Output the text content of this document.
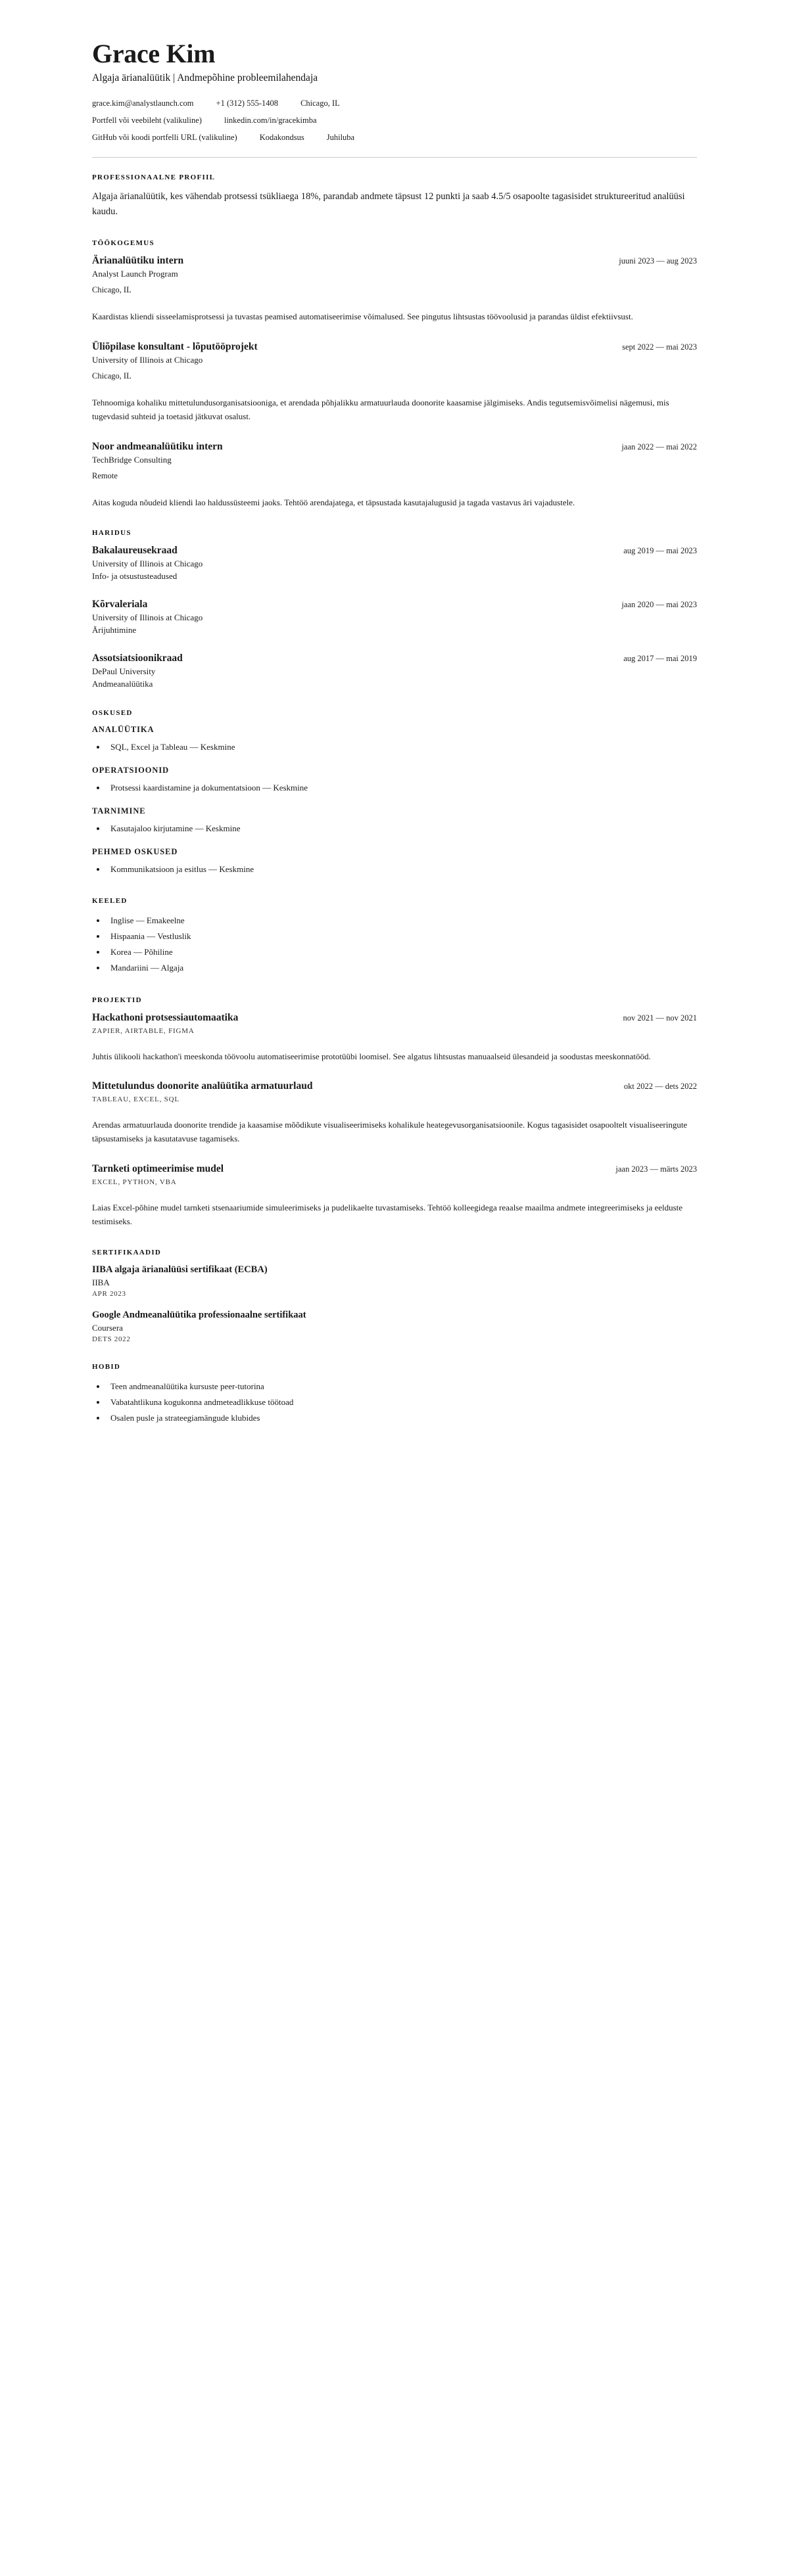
Grace Kim

Algaja ärianalüütik | Andmepõhine probleemilahendaja

grace.kim@analystlaunch.com	+1 (312) 555-1408	Chicago, IL
Portfell või veebileht (valikuline)	linkedin.com/in/gracekimba
GitHub või koodi portfelli URL (valikuline)	Kodakondsus	Juhiluba
PROFESSIONAALNE PROFIIL

Algaja ärianalüütik, kes vähendab protsessi tsükliaega 18%, parandab andmete täpsust 12 punkti ja saab 4.5/5 osapoolte tagasisidet struktureeritud analüüsi kaudu.

TÖÖKOGEMUS
Ärianalüütiku intern	juuni 2023 — aug 2023

Analyst Launch Program

Chicago, IL

Kaardistas kliendi sisseelamisprotsessi ja tuvastas peamised automatiseerimise võimalused. See pingutus lihtsustas töövoolusid ja parandas üldist efektiivsust.

Üliõpilase konsultant - lõputööprojekt	sept 2022 — mai 2023

University of Illinois at Chicago

Chicago, IL

Tehnoomiga kohaliku mittetulundusorganisatsiooniga, et arendada põhjalikku armatuurlauda doonorite kaasamise jälgimiseks. Andis tegutsemisvõimelisi nägemusi, mis tugevdasid suhteid ja toetasid jätkuvat osalust.

Noor andmeanalüütiku intern	jaan 2022 — mai 2022

TechBridge Consulting

Remote

Aitas koguda nõudeid kliendi lao haldussüsteemi jaoks. Tehtöö arendajatega, et täpsustada kasutajalugusid ja tagada vastavus äri vajadustele.

HARIDUS
Bakalaureusekraad	aug 2019 — mai 2023

University of Illinois at Chicago

Info- ja otsustusteadused

Kõrvaleriala	jaan 2020 — mai 2023

University of Illinois at Chicago

Ärijuhtimine

Assotsiatsioonikraad	aug 2017 — mai 2019

DePaul University

Andmeanalüütika

OSKUSED
ANALÜÜTIKA
• SQL, Excel ja Tableau — Keskmine
OPERATSIOONID
• Protsessi kaardistamine ja dokumentatsioon — Keskmine
TARNIMINE
• Kasutajaloo kirjutamine — Keskmine
PEHMED OSKUSED
• Kommunikatsioon ja esitlus — Keskmine
KEELED
• Inglise — Emakeelne
• Hispaania — Vestluslik
• Korea — Põhiline
• Mandariini — Algaja
PROJEKTID
Hackathoni protsessiautomaatika	nov 2021 — nov 2021

ZAPIER, AIRTABLE, FIGMA

Juhtis ülikooli hackathon'i meeskonda töövoolu automatiseerimise prototüübi loomisel. See algatus lihtsustas manuaalseid ülesandeid ja soodustas meeskonnatööd.

Mittetulundus doonorite analüütika armatuurlaud	okt 2022 — dets 2022

TABLEAU, EXCEL, SQL

Arendas armatuurlauda doonorite trendide ja kaasamise mõõdikute visualiseerimiseks kohalikule heategevusorganisatsioonile. Kogus tagasisidet osapooltelt visualiseeringute täpsustamiseks ja kasutatavuse tagamiseks.

Tarnketi optimeerimise mudel	jaan 2023 — märts 2023

EXCEL, PYTHON, VBA

Laias Excel-põhine mudel tarnketi stsenaariumide simuleerimiseks ja pudelikaelte tuvastamiseks. Tehtöö kolleegidega reaalse maailma andmete integreerimiseks ja eelduste testimiseks.

SERTIFIKAADID
IIBA algaja ärianalüüsi sertifikaat (ECBA)

IIBA

APR 2023

Google Andmeanalüütika professionaalne sertifikaat

Coursera

DETS 2022

HOBID
• Teen andmeanalüütika kursuste peer-tutorina
• Vabatahtlikuna kogukonna andmeteadlikkuse töötoad
• Osalen pusle ja strateegiamängude klubides
